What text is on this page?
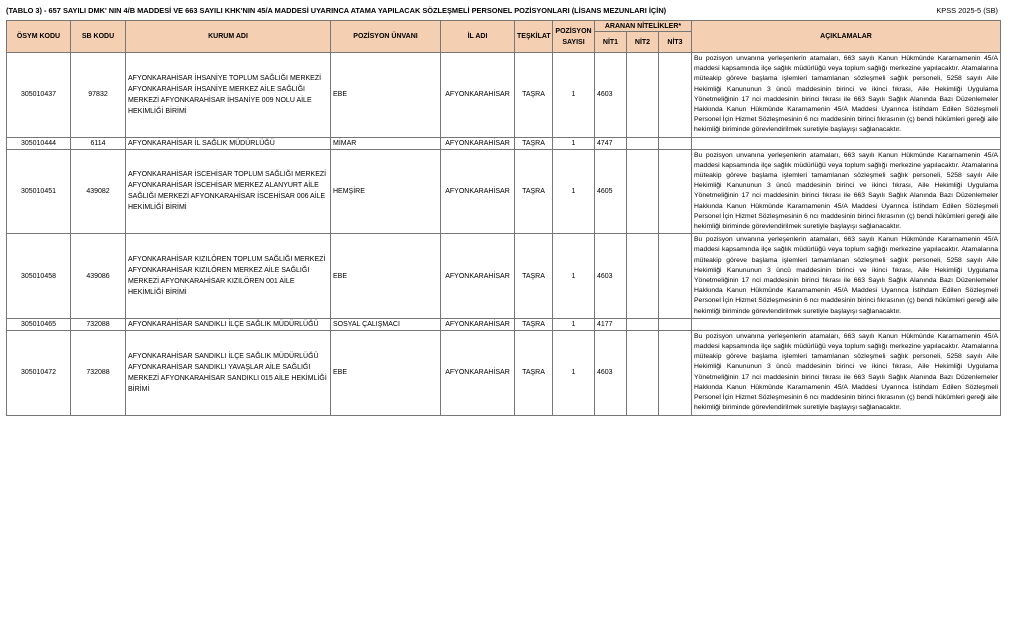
(TABLO 3) - 657 SAYILI DMK' NIN 4/B MADDESİ VE 663 SAYILI KHK'NIN 45/A MADDESİ UYARINCA ATAMA YAPILACAK SÖZLEŞMELİ PERSONEL POZİSYONLARI (LİSANS MEZUNLARI İÇİN)	KPSS 2025-5 (SB)
ÖSYM KODU	SB KODU	KURUM ADI	POZİSYON ÜNVANI	İL ADI	TEŞKİLAT	POZİSYON SAYISI	ARANAN NİTELİKLER*			AÇIKLAMALAR
							NİT1	NİT2	NİT3	
305010437	97832	AFYONKARAHİSAR İHSANİYE TOPLUM SAĞLIĞI MERKEZİ AFYONKARAHİSAR İHSANİYE MERKEZ AİLE SAĞLIĞI MERKEZİ AFYONKARAHİSAR İHSANİYE 009 NOLU AİLE HEKİMLİĞİ BİRİMİ	EBE	AFYONKARAHİSAR	TAŞRA	1	4603			Bu pozisyon unvanına yerleşenlerin atamaları, 663 sayılı Kanun Hükmünde Kararnamenin 45/A maddesi kapsamında ilçe sağlık müdürlüğü veya toplum sağlığı merkezine yapılacaktır. Atamalarına müteakip göreve başlama işlemleri tamamlanan sözleşmeli sağlık personeli, 5258 sayılı Aile Hekimliği Kanununun 3 üncü maddesinin birinci ve ikinci fıkrası, Aile Hekimliği Uygulama Yönetmeliğinin 17 nci maddesinin birinci fıkrası ile 663 Sayılı Sağlık Alanında Bazı Düzenlemeler Hakkında Kanun Hükmünde Kararnamenin 45/A Maddesi Uyarınca İstihdam Edilen Sözleşmeli Personel İçin Hizmet Sözleşmesinin 6 ncı maddesinin birinci fıkrasının (ç) bendi hükümleri gereği aile hekimliği biriminde görevlendirilmek suretiyle başlayışı sağlanacaktır.
305010444	6114	AFYONKARAHİSAR İL SAĞLIK MÜDÜRLÜĞÜ	MİMAR	AFYONKARAHİSAR	TAŞRA	1	4747			
305010451	439082	AFYONKARAHİSAR İSCEHİSAR TOPLUM SAĞLIĞI MERKEZİ AFYONKARAHİSAR İSCEHİSAR MERKEZ ALANYURT AİLE SAĞLIĞI MERKEZİ AFYONKARAHİSAR İSCEHİSAR 006 AİLE HEKİMLİĞİ BİRİMİ	HEMŞİRE	AFYONKARAHİSAR	TAŞRA	1	4605			Bu pozisyon unvanına yerleşenlerin atamaları, 663 sayılı Kanun Hükmünde Kararnamenin 45/A maddesi kapsamında ilçe sağlık müdürlüğü veya toplum sağlığı merkezine yapılacaktır. Atamalarına müteakip göreve başlama işlemleri tamamlanan sözleşmeli sağlık personeli, 5258 sayılı Aile Hekimliği Kanununun 3 üncü maddesinin birinci ve ikinci fıkrası, Aile Hekimliği Uygulama Yönetmeliğinin 17 nci maddesinin birinci fıkrası ile 663 Sayılı Sağlık Alanında Bazı Düzenlemeler Hakkında Kanun Hükmünde Kararnamenin 45/A Maddesi Uyarınca İstihdam Edilen Sözleşmeli Personel İçin Hizmet Sözleşmesinin 6 ncı maddesinin birinci fıkrasının (ç) bendi hükümleri gereği aile hekimliği biriminde görevlendirilmek suretiyle başlayışı sağlanacaktır.
305010458	439086	AFYONKARAHİSAR KIZILÖREN TOPLUM SAĞLIĞI MERKEZİ AFYONKARAHİSAR KIZILÖREN MERKEZ AİLE SAĞLIĞI MERKEZİ AFYONKARAHİSAR KIZILÖREN 001 AİLE HEKİMLİĞİ BİRİMİ	EBE	AFYONKARAHİSAR	TAŞRA	1	4603			Bu pozisyon unvanına yerleşenlerin atamaları, 663 sayılı Kanun Hükmünde Kararnamenin 45/A maddesi kapsamında ilçe sağlık müdürlüğü veya toplum sağlığı merkezine yapılacaktır. Atamalarına müteakip göreve başlama işlemleri tamamlanan sözleşmeli sağlık personeli, 5258 sayılı Aile Hekimliği Kanununun 3 üncü maddesinin birinci ve ikinci fıkrası, Aile Hekimliği Uygulama Yönetmeliğinin 17 nci maddesinin birinci fıkrası ile 663 Sayılı Sağlık Alanında Bazı Düzenlemeler Hakkında Kanun Hükmünde Kararnamenin 45/A Maddesi Uyarınca İstihdam Edilen Sözleşmeli Personel İçin Hizmet Sözleşmesinin 6 ncı maddesinin birinci fıkrasının (ç) bendi hükümleri gereği aile hekimliği biriminde görevlendirilmek suretiyle başlayışı sağlanacaktır.
305010465	732088	AFYONKARAHİSAR SANDIKLI İLÇE SAĞLIK MÜDÜRLÜĞÜ	SOSYAL ÇALIŞMACI	AFYONKARAHİSAR	TAŞRA	1	4177			
305010472	732088	AFYONKARAHİSAR SANDIKLI İLÇE SAĞLIK MÜDÜRLÜĞÜ AFYONKARAHİSAR SANDIKLI YAVAŞLAR AİLE SAĞLIĞI MERKEZİ AFYONKARAHİSAR SANDIKLI 015 AİLE HEKİMLİĞİ BİRİMİ	EBE	AFYONKARAHİSAR	TAŞRA	1	4603			Bu pozisyon unvanına yerleşenlerin atamaları, 663 sayılı Kanun Hükmünde Kararnamenin 45/A maddesi kapsamında ilçe sağlık müdürlüğü veya toplum sağlığı merkezine yapılacaktır. Atamalarına müteakip göreve başlama işlemleri tamamlanan sözleşmeli sağlık personeli, 5258 sayılı Aile Hekimliği Kanununun 3 üncü maddesinin birinci ve ikinci fıkrası, Aile Hekimliği Uygulama Yönetmeliğinin 17 nci maddesinin birinci fıkrası ile 663 Sayılı Sağlık Alanında Bazı Düzenlemeler Hakkında Kanun Hükmünde Kararnamenin 45/A Maddesi Uyarınca İstihdam Edilen Sözleşmeli Personel İçin Hizmet Sözleşmesinin 6 ncı maddesinin birinci fıkrasının (ç) bendi hükümleri gereği aile hekimliği biriminde görevlendirilmek suretiyle başlayışı sağlanacaktır.
